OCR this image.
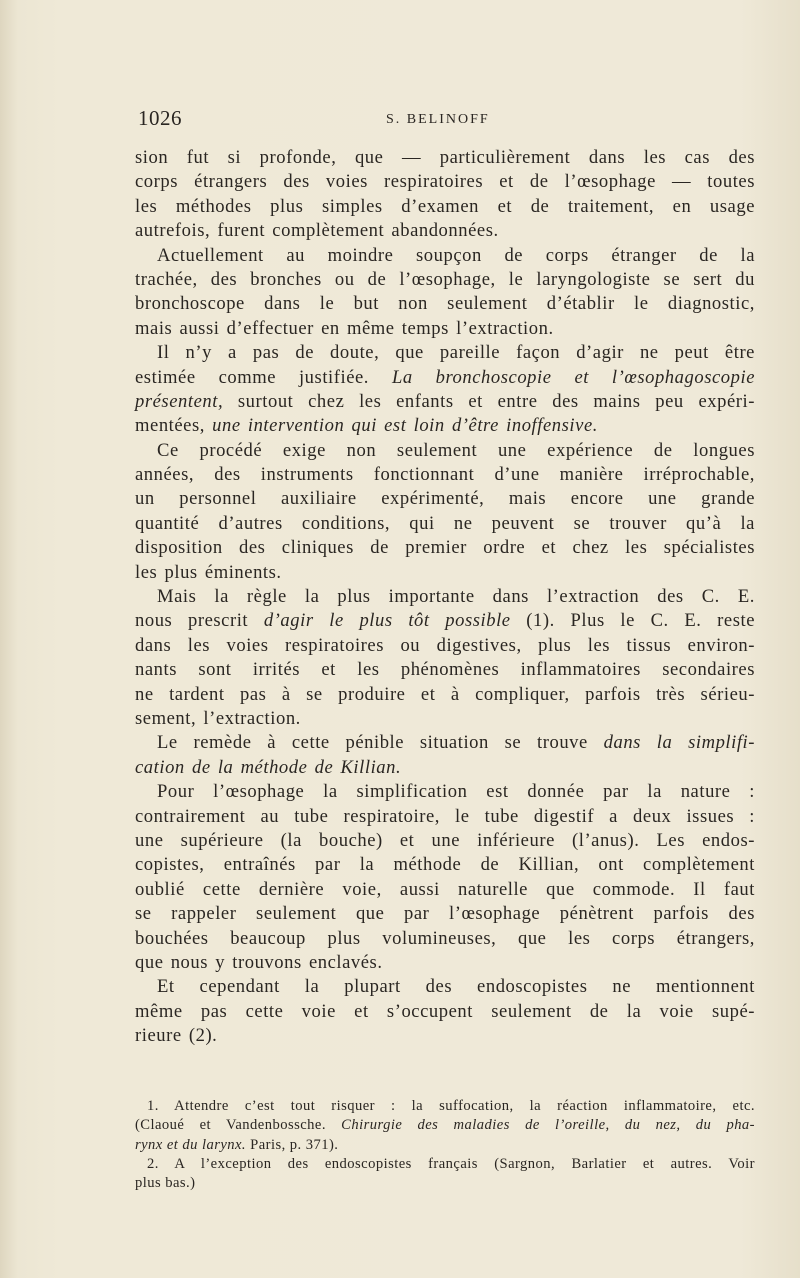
1026	S. BELINOFF
sion fut si profonde, que — particulièrement dans les cas des
corps étrangers des voies respiratoires et de l’œsophage — toutes
les méthodes plus simples d’examen et de traitement, en usage
autrefois, furent complètement abandonnées.
Actuellement au moindre soupçon de corps étranger de la
trachée, des bronches ou de l’œsophage, le laryngologiste se sert du
bronchoscope dans le but non seulement d’établir le diagnostic,
mais aussi d’effectuer en même temps l’extraction.
Il n’y a pas de doute, que pareille façon d’agir ne peut être
estimée comme justifiée. La bronchoscopie et l’œsophagoscopie
présentent, surtout chez les enfants et entre des mains peu expéri-
mentées, une intervention qui est loin d’être inoffensive.
Ce procédé exige non seulement une expérience de longues
années, des instruments fonctionnant d’une manière irréprochable,
un personnel auxiliaire expérimenté, mais encore une grande
quantité d’autres conditions, qui ne peuvent se trouver qu’à la
disposition des cliniques de premier ordre et chez les spécialistes
les plus éminents.
Mais la règle la plus importante dans l’extraction des C. E.
nous prescrit d’agir le plus tôt possible (1). Plus le C. E. reste
dans les voies respiratoires ou digestives, plus les tissus environ-
nants sont irrités et les phénomènes inflammatoires secondaires
ne tardent pas à se produire et à compliquer, parfois très sérieu-
sement, l’extraction.
Le remède à cette pénible situation se trouve dans la simplifi-
cation de la méthode de Killian.
Pour l’œsophage la simplification est donnée par la nature :
contrairement au tube respiratoire, le tube digestif a deux issues :
une supérieure (la bouche) et une inférieure (l’anus). Les endos-
copistes, entraînés par la méthode de Killian, ont complètement
oublié cette dernière voie, aussi naturelle que commode. Il faut
se rappeler seulement que par l’œsophage pénètrent parfois des
bouchées beaucoup plus volumineuses, que les corps étrangers,
que nous y trouvons enclavés.
Et cependant la plupart des endoscopistes ne mentionnent
même pas cette voie et s’occupent seulement de la voie supé-
rieure (2).
1. Attendre c’est tout risquer : la suffocation, la réaction inflammatoire, etc.
(Claoué et Vandenbossche. Chirurgie des maladies de l’oreille, du nez, du pha-
rynx et du larynx. Paris, p. 371).
2. A l’exception des endoscopistes français (Sargnon, Barlatier et autres. Voir
plus bas.)
